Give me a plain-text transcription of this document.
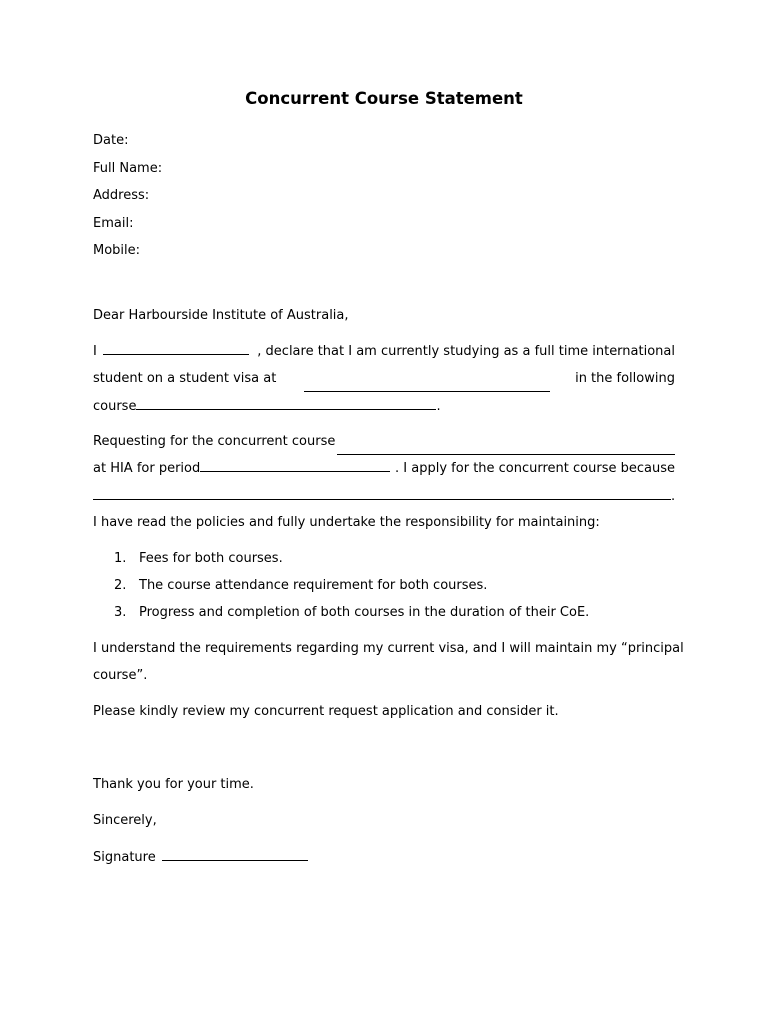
Concurrent Course Statement
Date:
Full Name:
Address:
Email:
Mobile:
Dear Harbourside Institute of Australia,
I	, declare that I am currently studying as a full time international
student on a student visa at	in the following
course	.
Requesting for the concurrent course
at HIA for period	. I apply for the concurrent course because
.
I have read the policies and fully undertake the responsibility for maintaining:
1. Fees for both courses.
2. The course attendance requirement for both courses.
3. Progress and completion of both courses in the duration of their CoE.
I understand the requirements regarding my current visa, and I will maintain my “principal
course”.
Please kindly review my concurrent request application and consider it.
Thank you for your time.
Sincerely,
Signature
